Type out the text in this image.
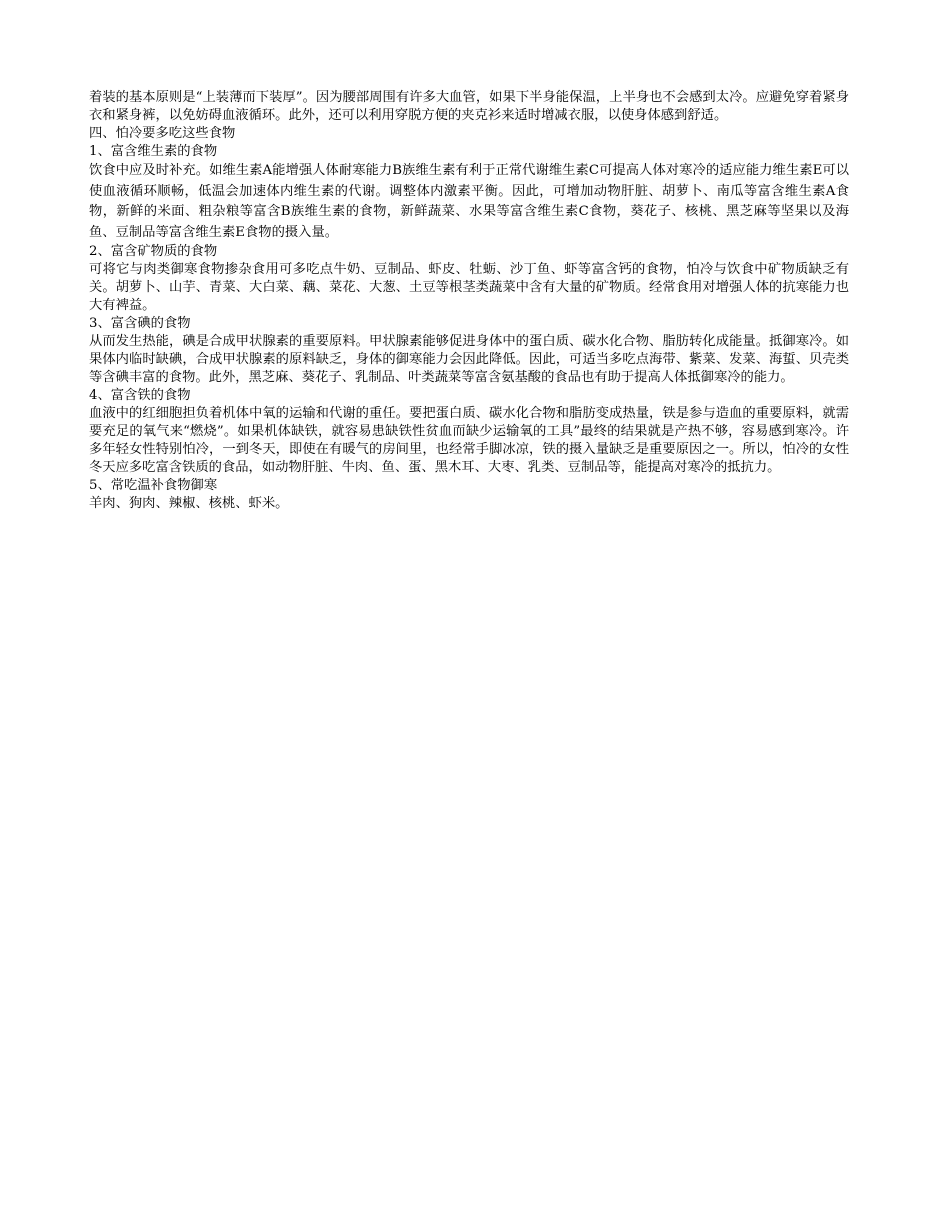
着装的基本原则是“上装薄而下装厚”。因为腰部周围有许多大血管，如果下半身能保温，上半身也不会感到太冷。应避免穿着紧身衣和紧身裤，以免妨碍血液循环。此外，还可以利用穿脱方便的夹克衫来适时增减衣服，以使身体感到舒适。

四、怕冷要多吃这些食物

1、富含维生素的食物

饮食中应及时补充。如维生素A能增强人体耐寒能力B族维生素有利于正常代谢维生素C可提高人体对寒冷的适应能力维生素E可以使血液循环顺畅，低温会加速体内维生素的代谢。调整体内激素平衡。因此，可增加动物肝脏、胡萝卜、南瓜等富含维生素A食物，新鲜的米面、粗杂粮等富含B族维生素的食物，新鲜蔬菜、水果等富含维生素C食物，葵花子、核桃、黑芝麻等坚果以及海鱼、豆制品等富含维生素E食物的摄入量。

2、富含矿物质的食物

可将它与肉类御寒食物掺杂食用可多吃点牛奶、豆制品、虾皮、牡蛎、沙丁鱼、虾等富含钙的食物，怕冷与饮食中矿物质缺乏有关。胡萝卜、山芋、青菜、大白菜、藕、菜花、大葱、土豆等根茎类蔬菜中含有大量的矿物质。经常食用对增强人体的抗寒能力也大有裨益。

3、富含碘的食物

从而发生热能，碘是合成甲状腺素的重要原料。甲状腺素能够促进身体中的蛋白质、碳水化合物、脂肪转化成能量。抵御寒冷。如果体内临时缺碘，合成甲状腺素的原料缺乏，身体的御寒能力会因此降低。因此，可适当多吃点海带、紫菜、发菜、海蜇、贝壳类等含碘丰富的食物。此外，黑芝麻、葵花子、乳制品、叶类蔬菜等富含氨基酸的食品也有助于提高人体抵御寒冷的能力。

4、富含铁的食物

血液中的红细胞担负着机体中氧的运输和代谢的重任。要把蛋白质、碳水化合物和脂肪变成热量，铁是参与造血的重要原料，就需要充足的氧气来“燃烧”。如果机体缺铁，就容易患缺铁性贫血而缺少运输氧的工具”最终的结果就是产热不够，容易感到寒冷。许多年轻女性特别怕冷，一到冬天，即使在有暖气的房间里，也经常手脚冰凉，铁的摄入量缺乏是重要原因之一。所以，怕冷的女性冬天应多吃富含铁质的食品，如动物肝脏、牛肉、鱼、蛋、黑木耳、大枣、乳类、豆制品等，能提高对寒冷的抵抗力。

5、常吃温补食物御寒

羊肉、狗肉、辣椒、核桃、虾米。
